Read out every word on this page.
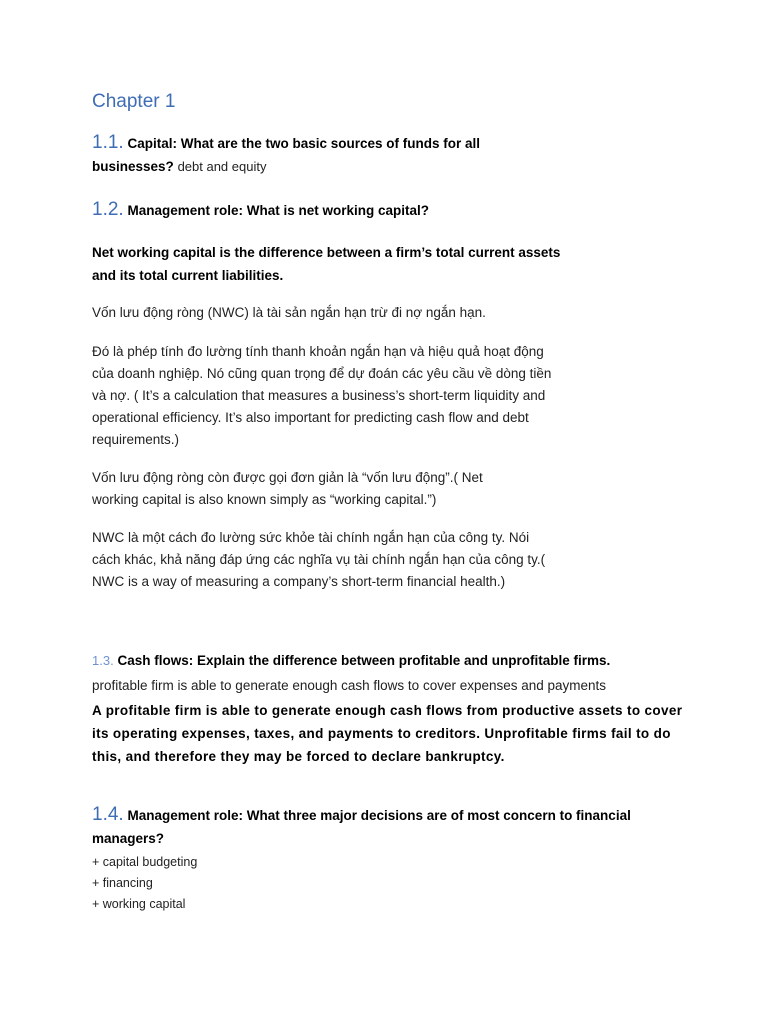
Chapter 1
1.1. Capital: What are the two basic sources of funds for all
businesses? debt and equity
1.2. Management role: What is net working capital?

Net working capital is the difference between a firm’s total current assets and its total current liabilities.

Vốn lưu động ròng (NWC) là tài sản ngắn hạn trừ đi nợ ngắn hạn.

Đó là phép tính đo lường tính thanh khoản ngắn hạn và hiệu quả hoạt động của doanh nghiệp. Nó cũng quan trọng để dự đoán các yêu cầu về dòng tiền và nợ. ( It’s a calculation that measures a business’s short-term liquidity and operational efficiency. It’s also important for predicting cash flow and debt requirements.)

Vốn lưu động ròng còn được gọi đơn giản là “vốn lưu động”.( Net working capital is also known simply as “working capital.”)

NWC là một cách đo lường sức khỏe tài chính ngắn hạn của công ty. Nói cách khác, khả năng đáp ứng các nghĩa vụ tài chính ngắn hạn của công ty.( NWC is a way of measuring a company’s short-term financial health.)

1.3. Cash flows: Explain the difference between profitable and unprofitable firms.

profitable firm is able to generate enough cash flows to cover expenses and payments

A profitable firm is able to generate enough cash flows from productive assets to cover its operating expenses, taxes, and payments to creditors. Unprofitable firms fail to do this, and therefore they may be forced to declare bankruptcy.

1.4. Management role: What three major decisions are of most concern to financial managers?
+ capital budgeting
+ financing
+ working capital
